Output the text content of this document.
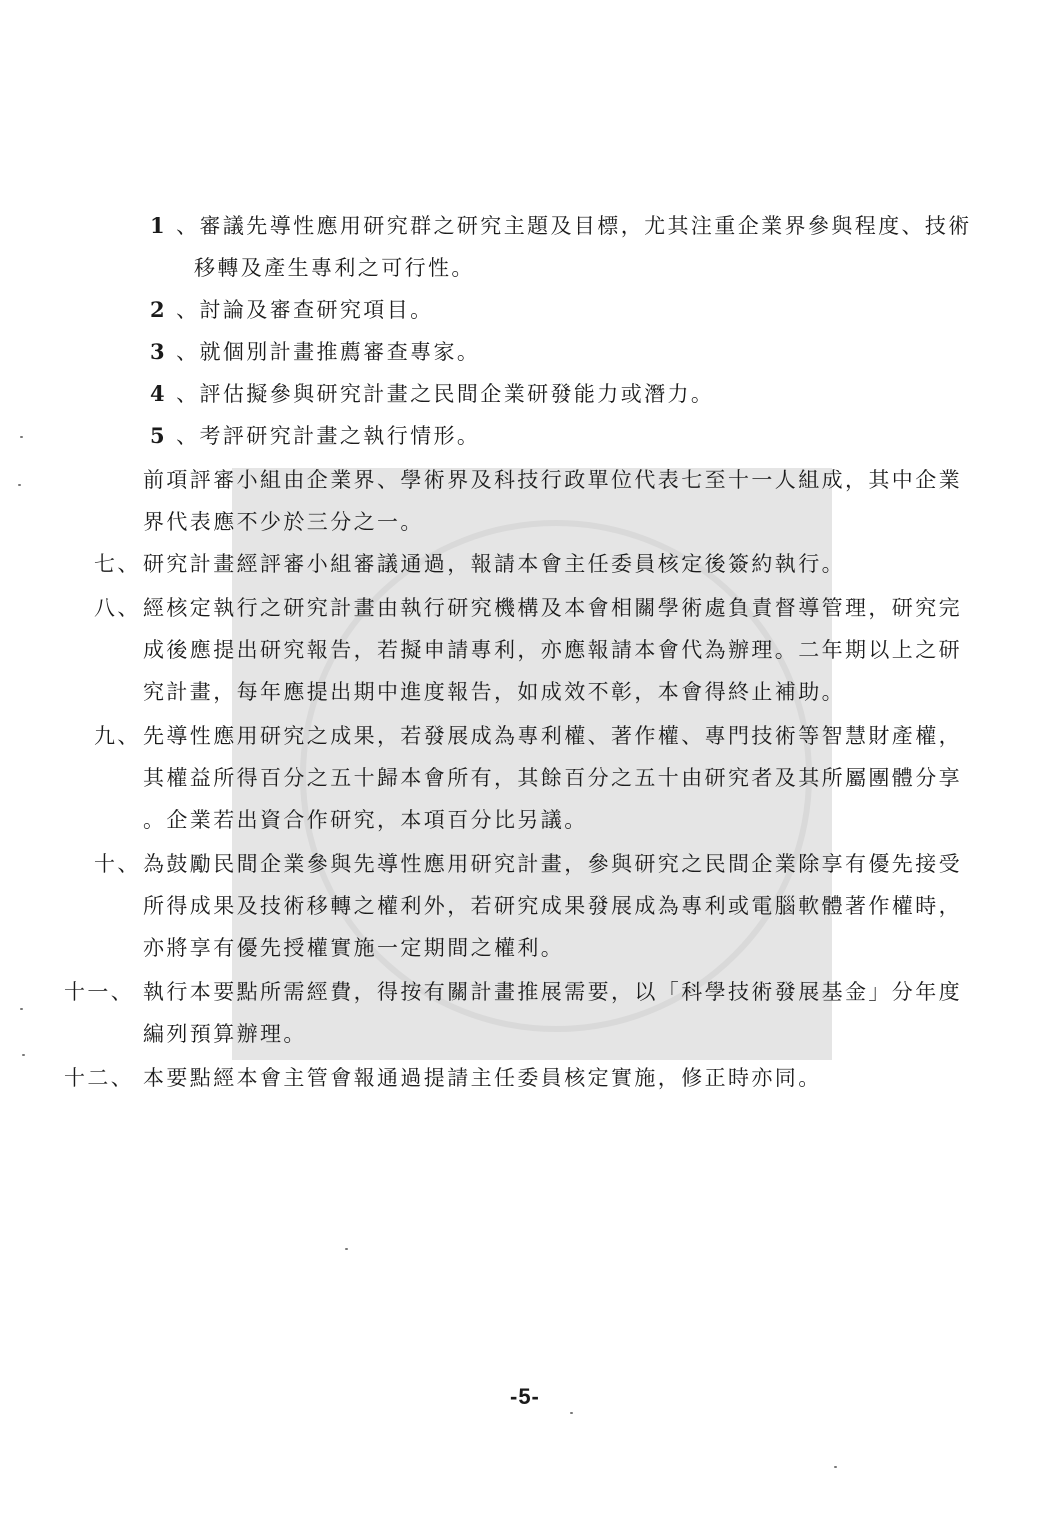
1 、審議先導性應用研究群之研究主題及目標，尤其注重企業界參與程度、技術
移轉及產生專利之可行性。
2 、討論及審查研究項目。
3 、就個別計畫推薦審查專家。
4 、評估擬參與研究計畫之民間企業研發能力或潛力。
5 、考評研究計畫之執行情形。
前項評審小組由企業界、學術界及科技行政單位代表七至十一人組成，其中企業
界代表應不少於三分之一。
七、 研究計畫經評審小組審議通過，報請本會主任委員核定後簽約執行。
八、 經核定執行之研究計畫由執行研究機構及本會相關學術處負責督導管理，研究完
成後應提出研究報告，若擬申請專利，亦應報請本會代為辦理。二年期以上之研
究計畫，每年應提出期中進度報告，如成效不彰，本會得終止補助。
九、 先導性應用研究之成果，若發展成為專利權、著作權、專門技術等智慧財產權，
其權益所得百分之五十歸本會所有，其餘百分之五十由研究者及其所屬團體分享
。企業若出資合作研究，本項百分比另議。
十、 為鼓勵民間企業參與先導性應用研究計畫，參與研究之民間企業除享有優先接受
所得成果及技術移轉之權利外，若研究成果發展成為專利或電腦軟體著作權時，
亦將享有優先授權實施一定期間之權利。
十一、 執行本要點所需經費，得按有關計畫推展需要，以「科學技術發展基金」分年度
編列預算辦理。
十二、 本要點經本會主管會報通過提請主任委員核定實施，修正時亦同。
-5-
